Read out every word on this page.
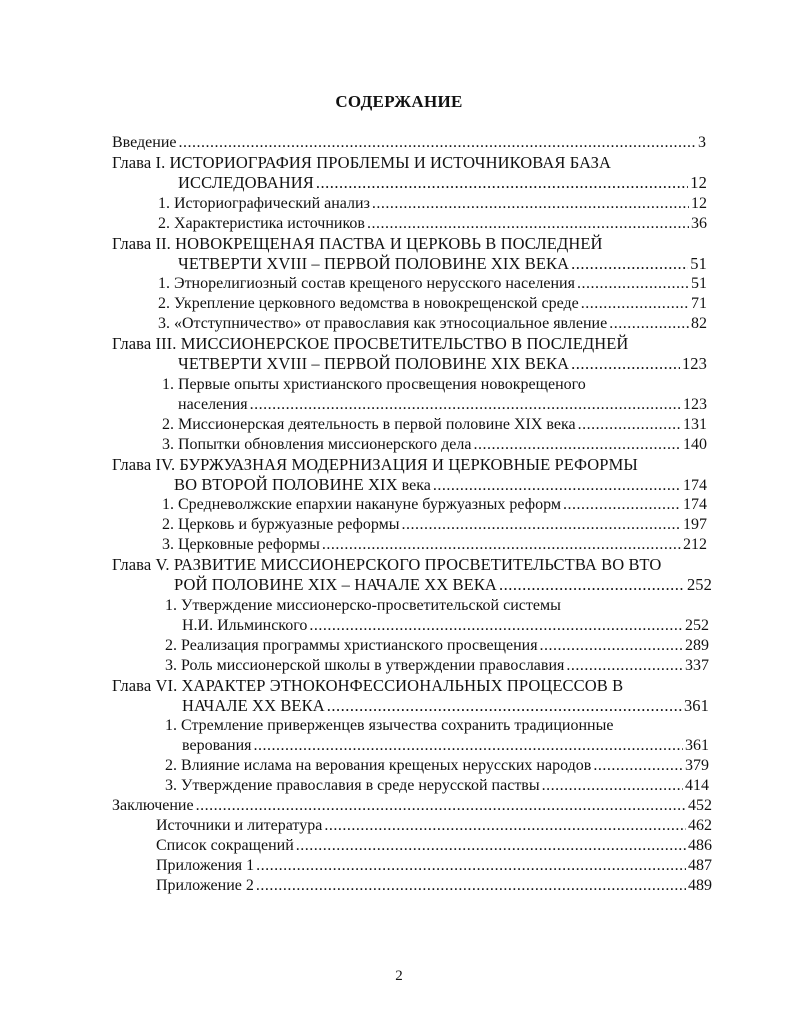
СОДЕРЖАНИЕ
Введение .....	3
Глава I. ИСТОРИОГРАФИЯ ПРОБЛЕМЫ И ИСТОЧНИКОВАЯ БАЗА
ИССЛЕДОВАНИЯ .....	12
1. Историографический анализ .....	12
2. Характеристика источников .....	36
Глава II. НОВОКРЕЩЕНАЯ ПАСТВА И ЦЕРКОВЬ В ПОСЛЕДНЕЙ
ЧЕТВЕРТИ XVIII – ПЕРВОЙ ПОЛОВИНЕ XIX ВЕКА .....	51
1. Этнорелигиозный состав крещеного нерусского населения .....	51
2. Укрепление церковного ведомства в новокрещенской среде .....	71
3. «Отступничество» от православия как этносоциальное явление .....	82
Глава III. МИССИОНЕРСКОЕ ПРОСВЕТИТЕЛЬСТВО В ПОСЛЕДНЕЙ
ЧЕТВЕРТИ XVIII – ПЕРВОЙ ПОЛОВИНЕ XIX ВЕКА .....	123
1. Первые опыты христианского просвещения новокрещеного
населения .....	123
2. Миссионерская деятельность в первой половине XIX века .....	131
3. Попытки обновления миссионерского дела .....	140
Глава IV. БУРЖУАЗНАЯ МОДЕРНИЗАЦИЯ И ЦЕРКОВНЫЕ РЕФОРМЫ
ВО ВТОРОЙ ПОЛОВИНЕ XIX века .....	174
1. Средневолжские епархии накануне буржуазных реформ .....	174
2. Церковь и буржуазные реформы .....	197
3. Церковные реформы .....	212
Глава V. РАЗВИТИЕ МИССИОНЕРСКОГО ПРОСВЕТИТЕЛЬСТВА ВО ВТО
РОЙ ПОЛОВИНЕ XIX – НАЧАЛЕ XX ВЕКА .....	252
1. Утверждение миссионерско-просветительской системы
Н.И. Ильминского .....	252
2. Реализация программы христианского просвещения .....	289
3. Роль миссионерской школы в утверждении православия .....	337
Глава VI. ХАРАКТЕР ЭТНОКОНФЕССИОНАЛЬНЫХ ПРОЦЕССОВ В
НАЧАЛЕ XX ВЕКА .....	361
1. Стремление приверженцев язычества сохранить традиционные
верования .....	361
2. Влияние ислама на верования крещеных нерусских народов .....	379
3. Утверждение православия в среде нерусской паствы .....	414
Заключение .....	452
Источники и литература .....	462
Список сокращений .....	486
Приложения 1 .....	487
Приложение 2 .....	489
2
